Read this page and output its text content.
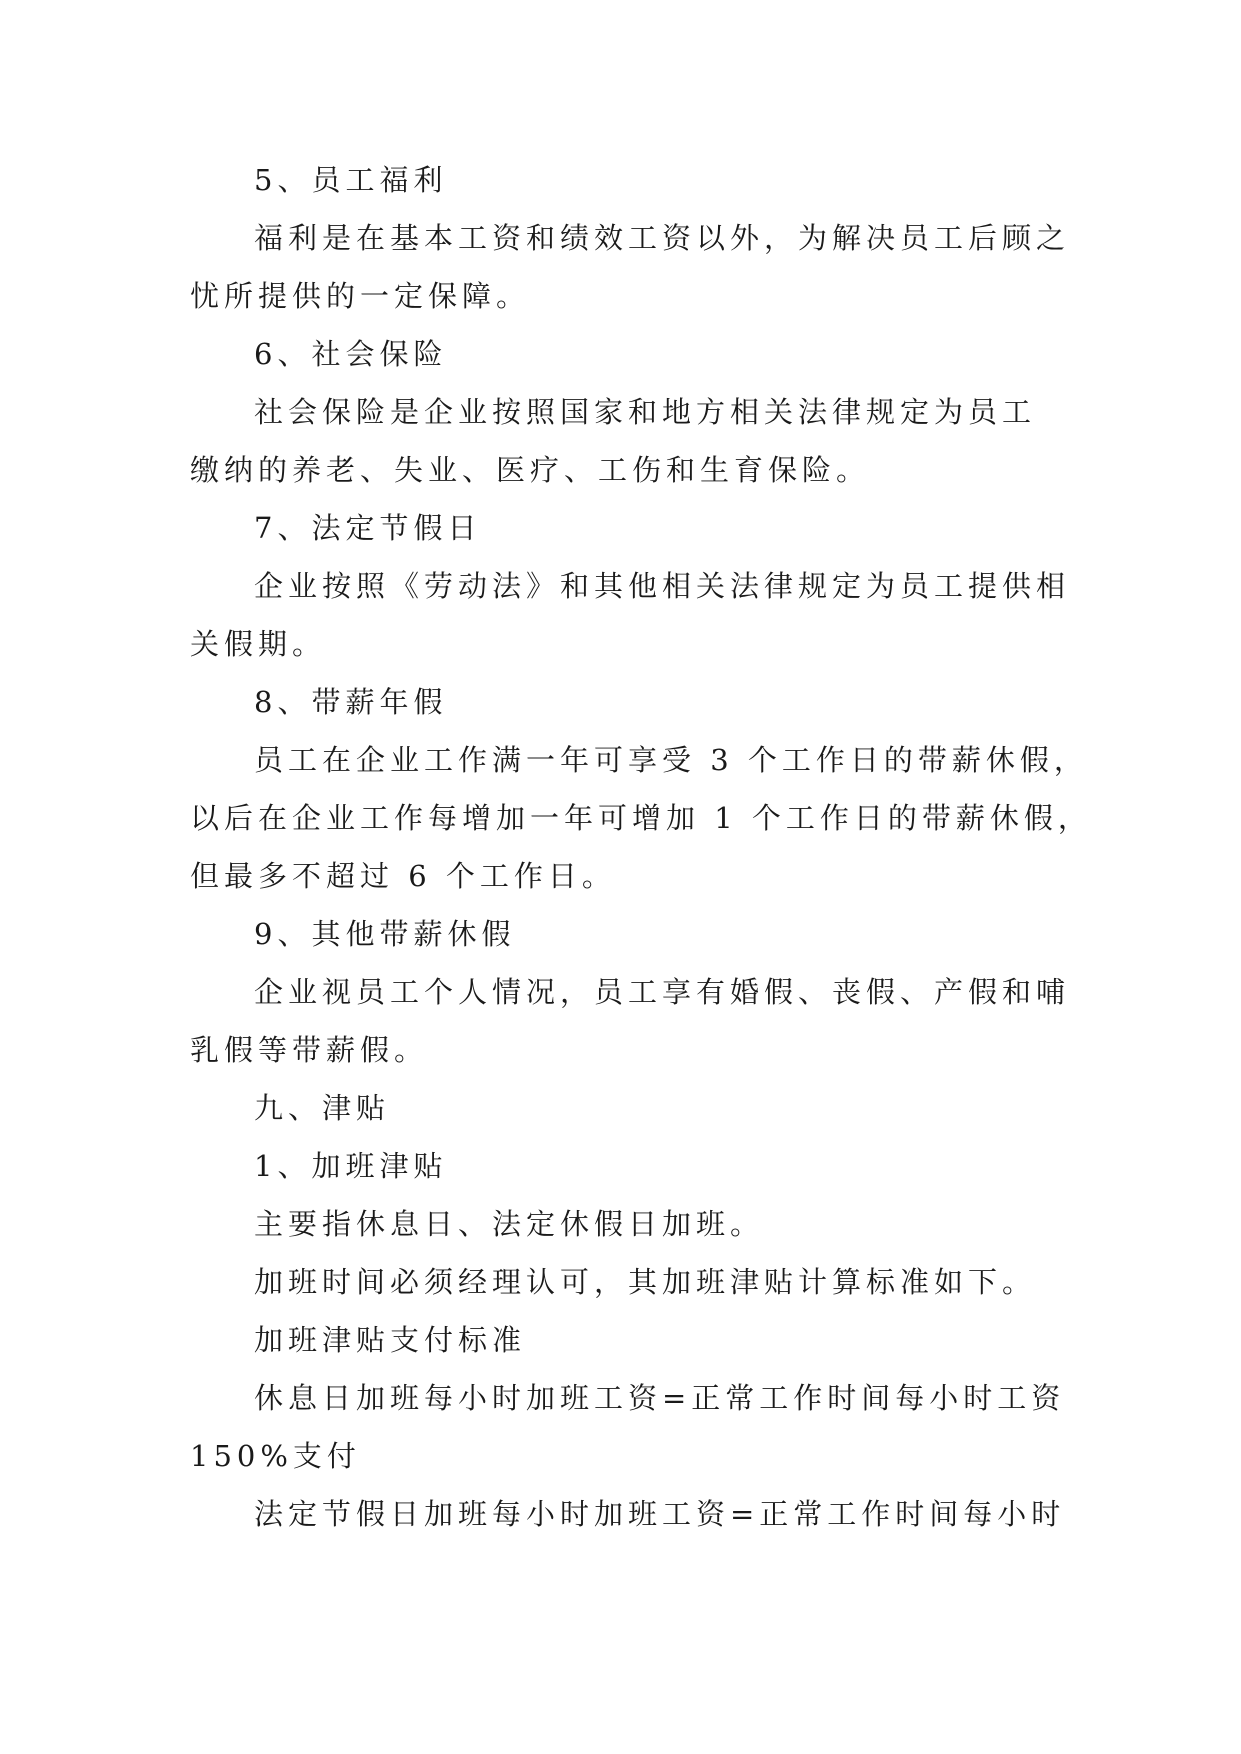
5、员工福利
福利是在基本工资和绩效工资以外，为解决员工后顾之
忧所提供的一定保障。
6、社会保险
社会保险是企业按照国家和地方相关法律规定为员工
缴纳的养老、失业、医疗、工伤和生育保险。
7、法定节假日
企业按照《劳动法》和其他相关法律规定为员工提供相
关假期。
8、带薪年假
员工在企业工作满一年可享受 3 个工作日的带薪休假，
以后在企业工作每增加一年可增加 1 个工作日的带薪休假，
但最多不超过 6 个工作日。
9、其他带薪休假
企业视员工个人情况，员工享有婚假、丧假、产假和哺
乳假等带薪假。
九、津贴
1、加班津贴
主要指休息日、法定休假日加班。
加班时间必须经理认可，其加班津贴计算标准如下。
加班津贴支付标准
休息日加班每小时加班工资=正常工作时间每小时工资
150%支付
法定节假日加班每小时加班工资=正常工作时间每小时
